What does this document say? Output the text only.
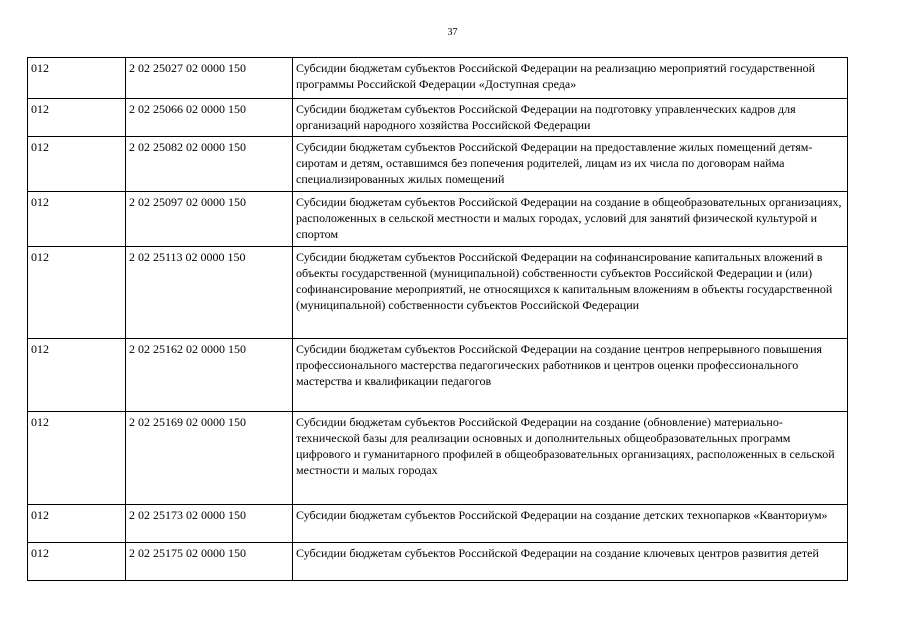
37
012	2 02 25027 02 0000 150	Субсидии бюджетам субъектов Российской Федерации на реализацию мероприятий государственной программы Российской Федерации «Доступная среда»
012	2 02 25066 02 0000 150	Субсидии бюджетам субъектов Российской Федерации на подготовку управленческих кадров для организаций народного хозяйства Российской Федерации
012	2 02 25082 02 0000 150	Субсидии бюджетам субъектов Российской Федерации на предоставление жилых помещений детям-сиротам и детям, оставшимся без попечения родителей, лицам из их числа по договорам найма специализированных жилых помещений
012	2 02 25097 02 0000 150	Субсидии бюджетам субъектов Российской Федерации на создание в общеобразовательных организациях, расположенных в сельской местности и малых городах, условий для занятий физической культурой и спортом
012	2 02 25113 02 0000 150	Субсидии бюджетам субъектов Российской Федерации на софинансирование капитальных вложений в объекты государственной (муниципальной) собственности субъектов Российской Федерации и (или) софинансирование мероприятий, не относящихся к капитальным вложениям в объекты государственной (муниципальной) собственности субъектов Российской Федерации
012	2 02 25162 02 0000 150	Субсидии бюджетам субъектов Российской Федерации на создание центров непрерывного повышения профессионального мастерства педагогических работников и центров оценки профессионального мастерства и квалификации педагогов
012	2 02 25169 02 0000 150	Субсидии бюджетам субъектов Российской Федерации на создание (обновление) материально-технической базы для реализации основных и дополнительных общеобразовательных программ цифрового и гуманитарного профилей в общеобразовательных организациях, расположенных в сельской местности и малых городах
012	2 02 25173 02 0000 150	Субсидии бюджетам субъектов Российской Федерации на создание детских технопарков «Кванториум»
012	2 02 25175 02 0000 150	Субсидии бюджетам субъектов Российской Федерации на создание ключевых центров развития детей
